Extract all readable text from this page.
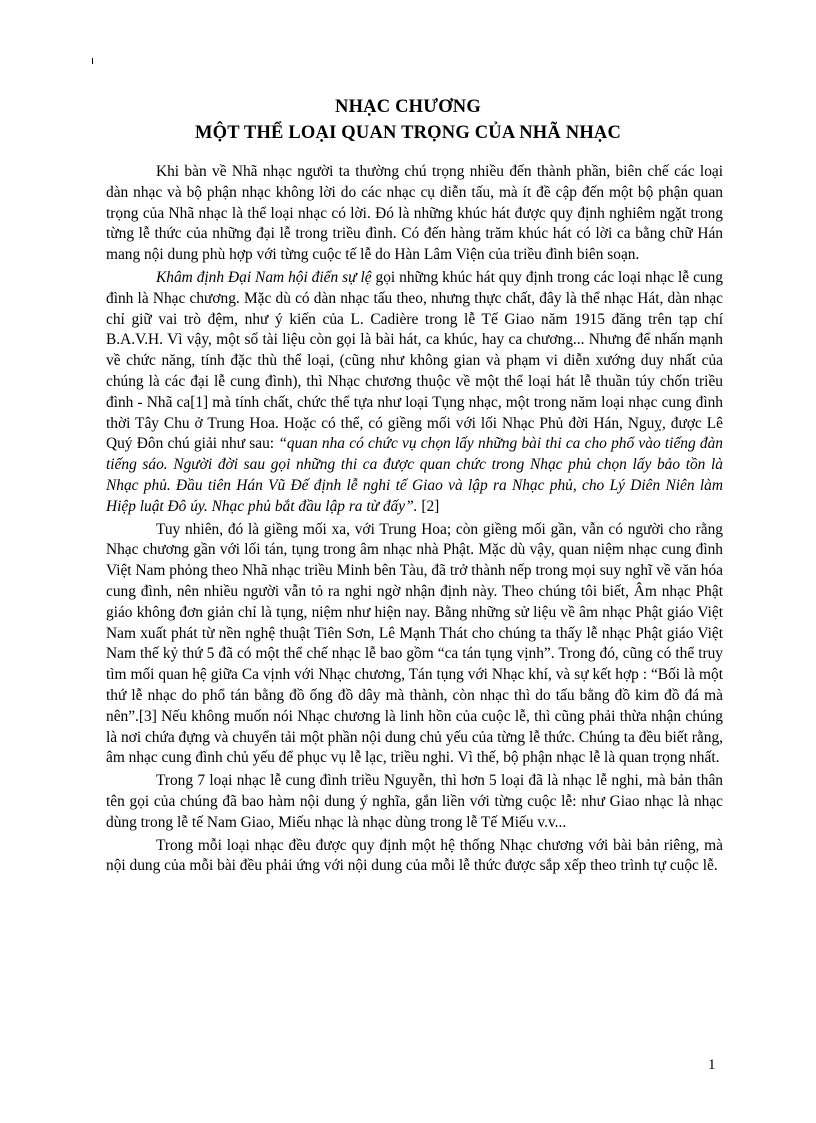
NHẠC CHƯƠNG
MỘT THỂ LOẠI QUAN TRỌNG CỦA NHÃ NHẠC

Khi bàn về Nhã nhạc người ta thường chú trọng nhiều đến thành phần, biên chế các loại dàn nhạc và bộ phận nhạc không lời do các nhạc cụ diễn tấu, mà ít đề cập đến một bộ phận quan trọng của Nhã nhạc là thể loại nhạc có lời. Đó là những khúc hát được quy định nghiêm ngặt trong từng lễ thức của những đại lễ trong triều đình. Có đến hàng trăm khúc hát có lời ca bằng chữ Hán mang nội dung phù hợp với từng cuộc tế lễ do Hàn Lâm Viện của triều đình biên soạn.

Khâm định Đại Nam hội điển sự lệ gọi những khúc hát quy định trong các loại nhạc lễ cung đình là Nhạc chương. Mặc dù có dàn nhạc tấu theo, nhưng thực chất, đây là thể nhạc Hát, dàn nhạc chỉ giữ vai trò đệm, như ý kiến của L. Cadière trong lễ Tế Giao năm 1915 đăng trên tạp chí B.A.V.H. Vì vậy, một số tài liệu còn gọi là bài hát, ca khúc, hay ca chương... Nhưng để nhấn mạnh về chức năng, tính đặc thù thể loại, (cũng như không gian và phạm vi diễn xướng duy nhất của chúng là các đại lễ cung đình), thì Nhạc chương thuộc về một thể loại hát lễ thuần túy chốn triều đình - Nhã ca[1] mà tính chất, chức thể tựa như loại Tụng nhạc, một trong năm loại nhạc cung đình thời Tây Chu ở Trung Hoa. Hoặc có thể, có giềng mối với lối Nhạc Phủ đời Hán, Nguỵ, được Lê Quý Đôn chú giải như sau: “quan nha có chức vụ chọn lấy những bài thi ca cho phổ vào tiếng đàn tiếng sáo. Người đời sau gọi những thi ca được quan chức trong Nhạc phủ chọn lấy bảo tồn là Nhạc phủ. Đầu tiên Hán Vũ Đế định lễ nghi tế Giao và lập ra Nhạc phủ, cho Lý Diên Niên làm Hiệp luật Đô úy. Nhạc phủ bắt đầu lập ra từ đấy”. [2]

Tuy nhiên, đó là giềng mối xa, với Trung Hoa; còn giềng mối gần, vẫn có người cho rằng Nhạc chương gần với lối tán, tụng trong âm nhạc nhà Phật. Mặc dù vậy, quan niệm nhạc cung đình Việt Nam phỏng theo Nhã nhạc triều Minh bên Tàu, đã trở thành nếp trong mọi suy nghĩ về văn hóa cung đình, nên nhiều người vẫn tỏ ra nghi ngờ nhận định này. Theo chúng tôi biết, Âm nhạc Phật giáo không đơn giản chỉ là tụng, niệm như hiện nay. Bằng những sử liệu về âm nhạc Phật giáo Việt Nam xuất phát từ nền nghệ thuật Tiên Sơn, Lê Mạnh Thát cho chúng ta thấy lễ nhạc Phật giáo Việt Nam thế kỷ thứ 5 đã có một thể chế nhạc lễ bao gồm “ca tán tụng vịnh”. Trong đó, cũng có thể truy tìm mối quan hệ giữa Ca vịnh với Nhạc chương, Tán tụng với Nhạc khí, và sự kết hợp : “Bối là một thứ lễ nhạc do phổ tán bằng đồ ống đồ dây mà thành, còn nhạc thì do tấu bằng đồ kim đồ đá mà nên”.[3] Nếu không muốn nói Nhạc chương là linh hồn của cuộc lễ, thì cũng phải thừa nhận chúng là nơi chứa đựng và chuyển tải một phần nội dung chủ yếu của từng lễ thức. Chúng ta đều biết rằng, âm nhạc cung đình chủ yếu để phục vụ lễ lạc, triều nghi. Vì thế, bộ phận nhạc lễ là quan trọng nhất.

Trong 7 loại nhạc lễ cung đình triều Nguyễn, thì hơn 5 loại đã là nhạc lễ nghi, mà bản thân tên gọi của chúng đã bao hàm nội dung ý nghĩa, gắn liền với từng cuộc lễ: như Giao nhạc là nhạc dùng trong lễ tế Nam Giao, Miếu nhạc là nhạc dùng trong lễ Tế Miếu v.v...

Trong mỗi loại nhạc đều được quy định một hệ thống Nhạc chương với bài bản riêng, mà nội dung của mỗi bài đều phải ứng với nội dung của mỗi lễ thức được sắp xếp theo trình tự cuộc lễ.

1
